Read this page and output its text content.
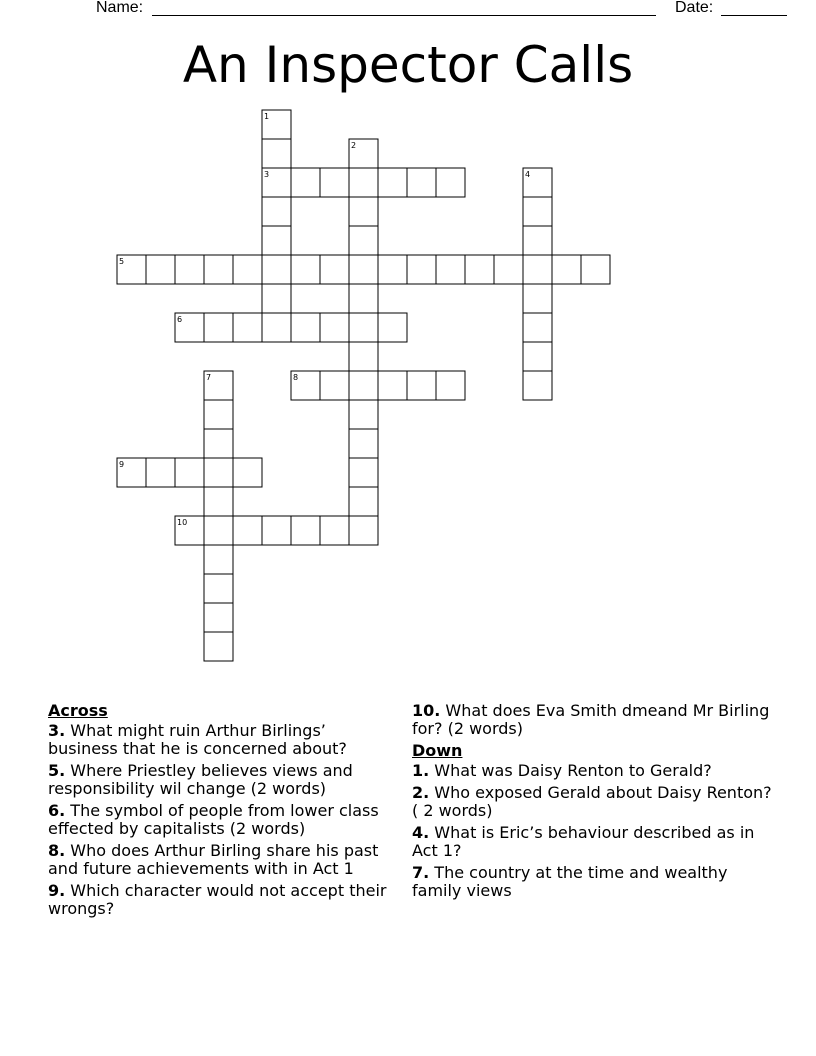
Name:	Date:
An Inspector Calls
1
2
3	4
5
6
7	8
9
10
Across
3. What might ruin Arthur Birlings’ business that he is concerned about?
5. Where Priestley believes views and responsibility wil change (2 words)
6. The symbol of people from lower class effected by capitalists (2 words)
8. Who does Arthur Birling share his past and future achievements with in Act 1
9. Which character would not accept their wrongs?
10. What does Eva Smith dmeand Mr Birling for? (2 words)
Down
1. What was Daisy Renton to Gerald?
2. Who exposed Gerald about Daisy Renton? ( 2 words)
4. What is Eric’s behaviour described as in Act 1?
7. The country at the time and wealthy family views
